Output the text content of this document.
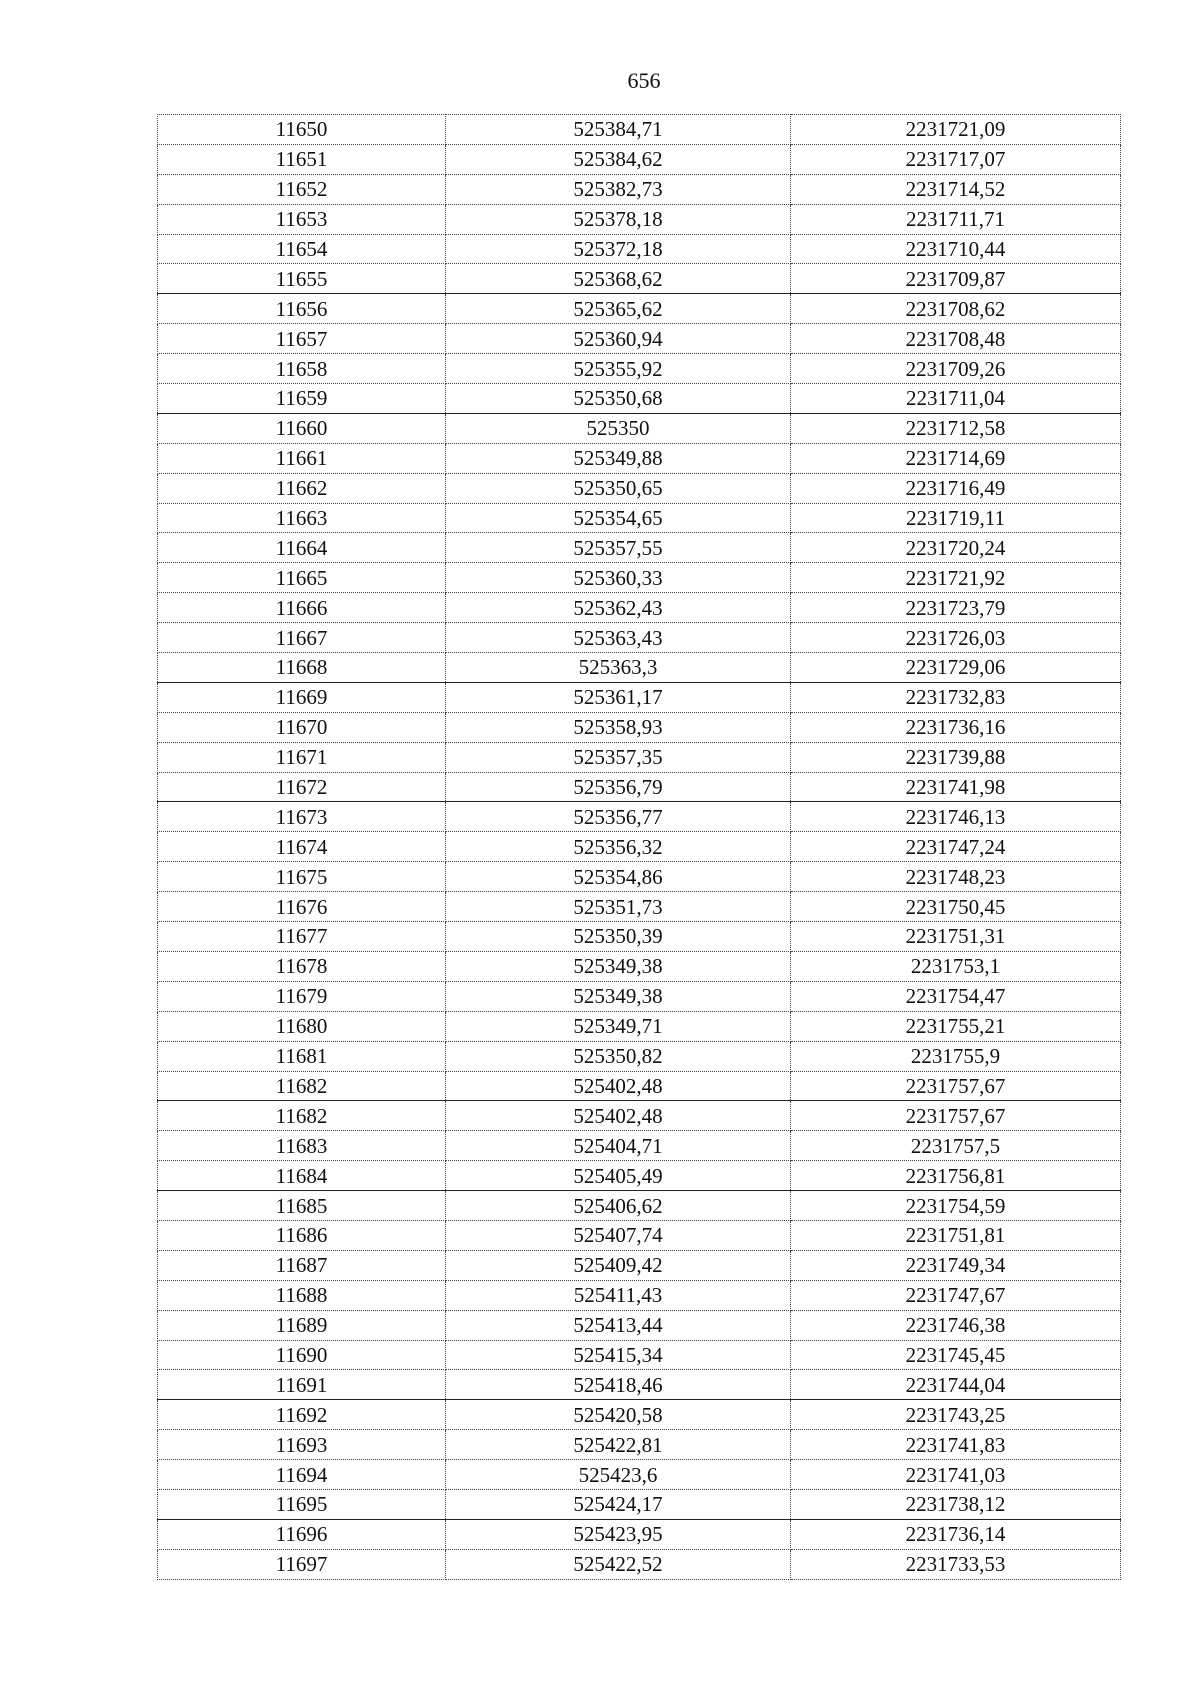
656
11650	525384,71	2231721,09
11651	525384,62	2231717,07
11652	525382,73	2231714,52
11653	525378,18	2231711,71
11654	525372,18	2231710,44
11655	525368,62	2231709,87
11656	525365,62	2231708,62
11657	525360,94	2231708,48
11658	525355,92	2231709,26
11659	525350,68	2231711,04
11660	525350	2231712,58
11661	525349,88	2231714,69
11662	525350,65	2231716,49
11663	525354,65	2231719,11
11664	525357,55	2231720,24
11665	525360,33	2231721,92
11666	525362,43	2231723,79
11667	525363,43	2231726,03
11668	525363,3	2231729,06
11669	525361,17	2231732,83
11670	525358,93	2231736,16
11671	525357,35	2231739,88
11672	525356,79	2231741,98
11673	525356,77	2231746,13
11674	525356,32	2231747,24
11675	525354,86	2231748,23
11676	525351,73	2231750,45
11677	525350,39	2231751,31
11678	525349,38	2231753,1
11679	525349,38	2231754,47
11680	525349,71	2231755,21
11681	525350,82	2231755,9
11682	525402,48	2231757,67
11682	525402,48	2231757,67
11683	525404,71	2231757,5
11684	525405,49	2231756,81
11685	525406,62	2231754,59
11686	525407,74	2231751,81
11687	525409,42	2231749,34
11688	525411,43	2231747,67
11689	525413,44	2231746,38
11690	525415,34	2231745,45
11691	525418,46	2231744,04
11692	525420,58	2231743,25
11693	525422,81	2231741,83
11694	525423,6	2231741,03
11695	525424,17	2231738,12
11696	525423,95	2231736,14
11697	525422,52	2231733,53
